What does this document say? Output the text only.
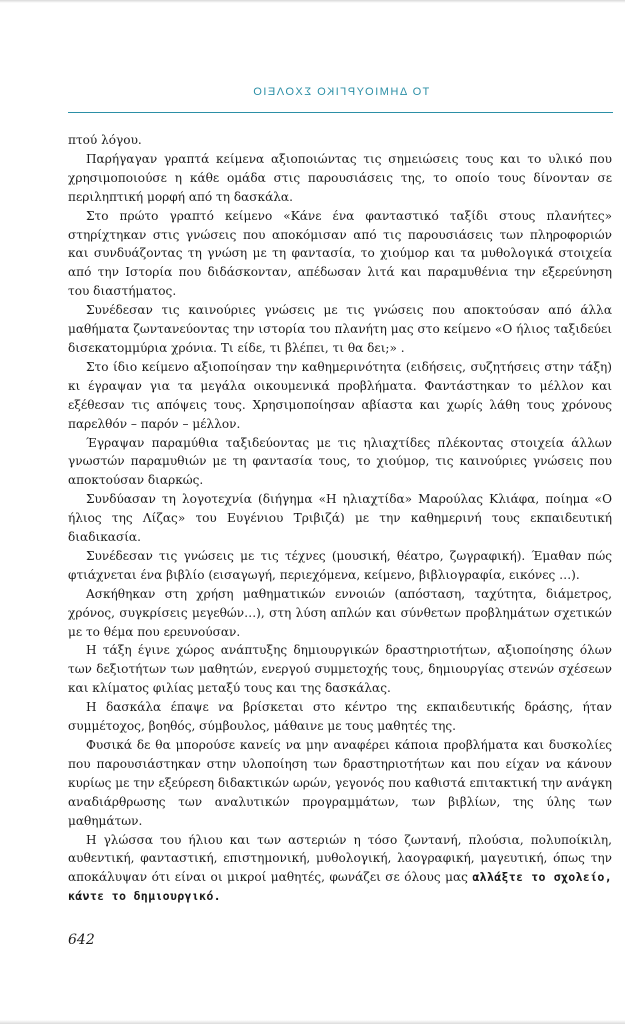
ΤΟ ΔΗΜΙΟΥΡΓΙΚΟ ΣΧΟΛΕΙΟ

πτού λόγου.

Παρήγαγαν γραπτά κείμενα αξιοποιώντας τις σημειώσεις τους και το υλικό που χρησιμοποιούσε η κάθε ομάδα στις παρουσιάσεις της, το οποίο τους δίνονταν σε περιληπτική μορφή από τη δασκάλα.

Στο πρώτο γραπτό κείμενο «Κάνε ένα φανταστικό ταξίδι στους πλανήτες» στηρίχτηκαν στις γνώσεις που αποκόμισαν από τις παρουσιάσεις των πληροφοριών και συνδυάζοντας τη γνώση με τη φαντασία, το χιούμορ και τα μυθολογικά στοιχεία από την Ιστορία που διδάσκονταν, απέδωσαν λιτά και παραμυθένια την εξερεύνηση του διαστήματος.

Συνέδεσαν τις καινούριες γνώσεις με τις γνώσεις που αποκτούσαν από άλλα μαθήματα ζωντανεύοντας την ιστορία του πλανήτη μας στο κείμενο «Ο ήλιος ταξιδεύει δισεκατομμύρια χρόνια. Τι είδε, τι βλέπει, τι θα δει;» .

Στο ίδιο κείμενο αξιοποίησαν την καθημερινότητα (ειδήσεις, συζητήσεις στην τάξη) κι έγραψαν για τα μεγάλα οικουμενικά προβλήματα. Φαντάστηκαν το μέλλον και εξέθεσαν τις απόψεις τους. Χρησιμοποίησαν αβίαστα και χωρίς λάθη τους χρόνους παρελθόν – παρόν – μέλλον.

Έγραψαν παραμύθια ταξιδεύοντας με τις ηλιαχτίδες πλέκοντας στοιχεία άλλων γνωστών παραμυθιών με τη φαντασία τους, το χιούμορ, τις καινούριες γνώσεις που αποκτούσαν διαρκώς.

Συνδύασαν τη λογοτεχνία (διήγημα «Η ηλιαχτίδα» Μαρούλας Κλιάφα, ποίημα «Ο ήλιος της Λίζας» του Ευγένιου Τριβιζά) με την καθημερινή τους εκπαιδευτική διαδικασία.

Συνέδεσαν τις γνώσεις με τις τέχνες (μουσική, θέατρο, ζωγραφική). Έμαθαν πώς φτιάχνεται ένα βιβλίο (εισαγωγή, περιεχόμενα, κείμενο, βιβλιογραφία, εικόνες …).

Ασκήθηκαν στη χρήση μαθηματικών εννοιών (απόσταση, ταχύτητα, διάμετρος, χρόνος, συγκρίσεις μεγεθών…), στη λύση απλών και σύνθετων προβλημάτων σχετικών με το θέμα που ερευνούσαν.

Η τάξη έγινε χώρος ανάπτυξης δημιουργικών δραστηριοτήτων, αξιοποίησης όλων των δεξιοτήτων των μαθητών, ενεργού συμμετοχής τους, δημιουργίας στενών σχέσεων και κλίματος φιλίας μεταξύ τους και της δασκάλας.

Η δασκάλα έπαψε να βρίσκεται στο κέντρο της εκπαιδευτικής δράσης, ήταν συμμέτοχος, βοηθός, σύμβουλος, μάθαινε με τους μαθητές της.

Φυσικά δε θα μπορούσε κανείς να μην αναφέρει κάποια προβλήματα και δυσκολίες που παρουσιάστηκαν στην υλοποίηση των δραστηριοτήτων και που είχαν να κάνουν κυρίως με την εξεύρεση διδακτικών ωρών, γεγονός που καθιστά επιτακτική την ανάγκη αναδιάρθρωσης των αναλυτικών προγραμμάτων, των βιβλίων, της ύλης των μαθημάτων.

Η γλώσσα του ήλιου και των αστεριών η τόσο ζωντανή, πλούσια, πολυποίκιλη, αυθεντική, φανταστική, επιστημονική, μυθολογική, λαογραφική, μαγευτική, όπως την αποκάλυψαν ότι είναι οι μικροί μαθητές, φωνάζει σε όλους μας αλλάξτε το σχολείο, κάντε το δημιουργικό.

642
